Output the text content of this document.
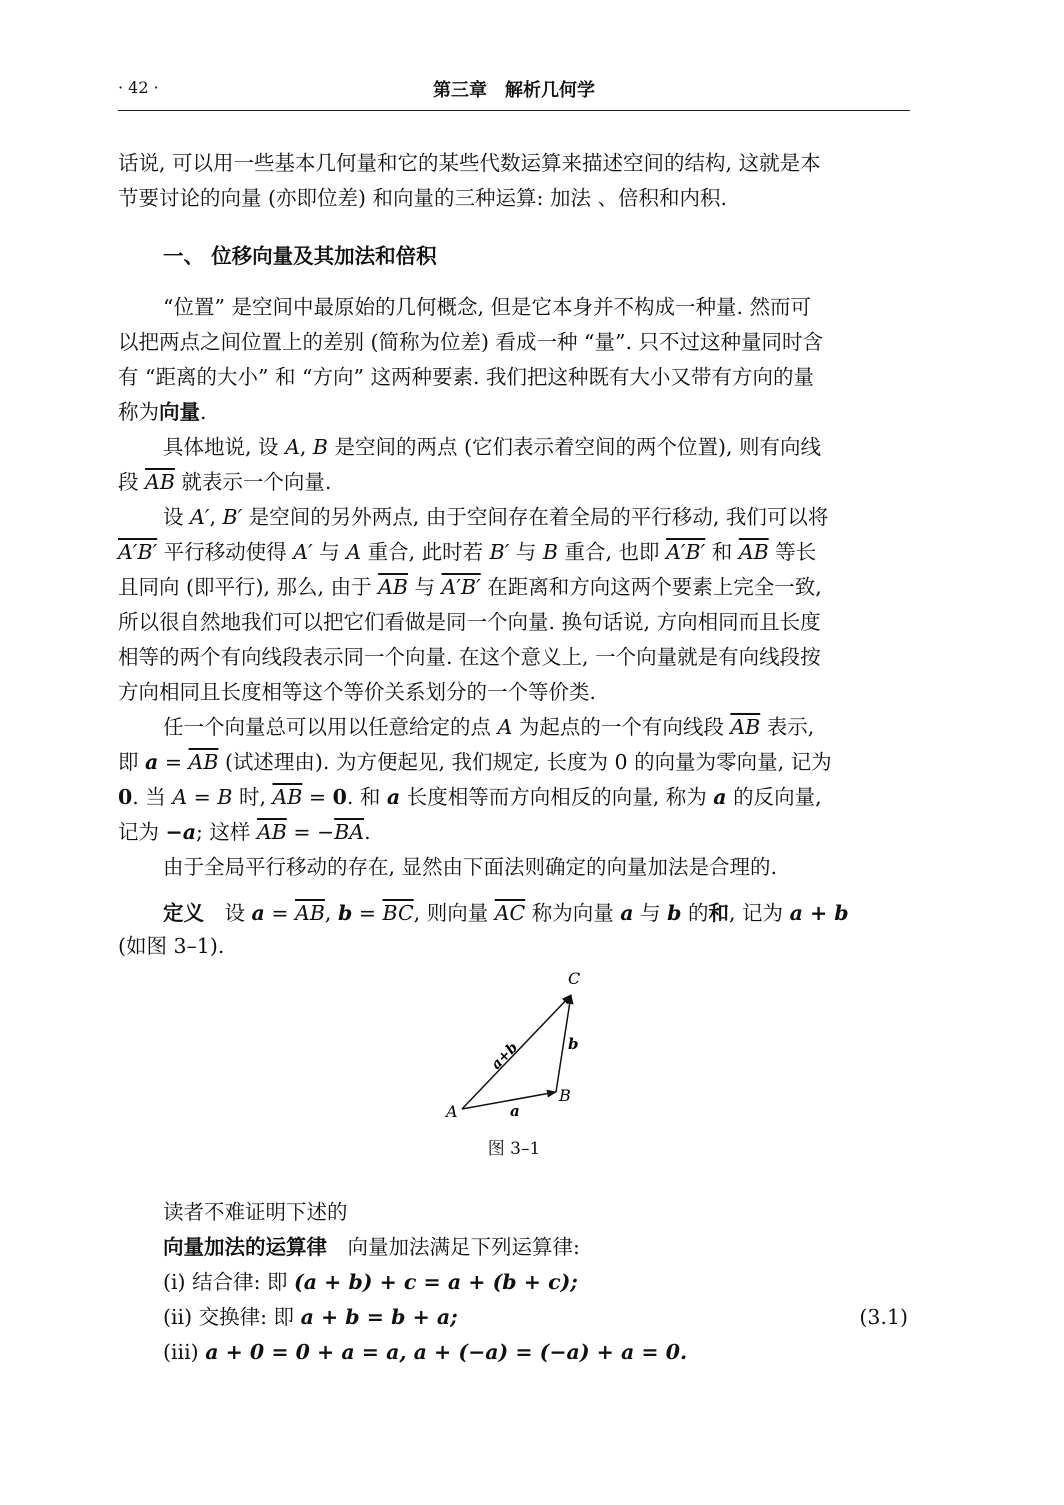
· 42 ·	第三章　解析几何学
话说, 可以用一些基本几何量和它的某些代数运算来描述空间的结构, 这就是本
节要讨论的向量 (亦即位差) 和向量的三种运算: 加法 、倍积和内积.
一、 位移向量及其加法和倍积
“位置” 是空间中最原始的几何概念, 但是它本身并不构成一种量. 然而可
以把两点之间位置上的差别 (简称为位差) 看成一种 “量”. 只不过这种量同时含
有 “距离的大小” 和 “方向” 这两种要素. 我们把这种既有大小又带有方向的量
称为向量.
具体地说, 设 A, B 是空间的两点 (它们表示着空间的两个位置), 则有向线
段 $\overline{AB}$ 就表示一个向量.
设 A′, B′ 是空间的另外两点, 由于空间存在着全局的平行移动, 我们可以将
A′B′ 平行移动使得 A′ 与 A 重合, 此时若 B′ 与 B 重合, 也即 A′B′ 和 $\overline{AB}$ 等长
且同向 (即平行), 那么, 由于 $\overline{AB}$ 与 A′B′ 在距离和方向这两个要素上完全一致,
所以很自然地我们可以把它们看做是同一个向量. 换句话说, 方向相同而且长度
相等的两个有向线段表示同一个向量. 在这个意义上, 一个向量就是有向线段按
方向相同且长度相等这个等价关系划分的一个等价类.
任一个向量总可以用以任意给定的点 A 为起点的一个有向线段 $\overline{AB}$ 表示,
即 $a = \overline{AB}$ (试述理由). 为方便起见, 我们规定, 长度为 0 的向量为零向量, 记为
0. 当 A = B 时, $\overline{AB} = 0$. 和 a 长度相等而方向相反的向量, 称为 a 的反向量,
记为 −a; 这样 $\overline{AB} = -\overline{BA}$.
由于全局平行移动的存在, 显然由下面法则确定的向量加法是合理的.
定义　设 $a = \overline{AB}$, $b = \overline{BC}$, 则向量 $\overline{AC}$ 称为向量 a 与 b 的和, 记为 a + b
(如图 3–1).
A
B
C
a
b
a+b
图 3–1
读者不难证明下述的
向量加法的运算律　向量加法满足下列运算律:
(i) 结合律: 即 (a + b) + c = a + (b + c);
(ii) 交换律: 即 a + b = b + a;	(3.1)
(iii) a + 0 = 0 + a = a, a + (−a) = (−a) + a = 0.
